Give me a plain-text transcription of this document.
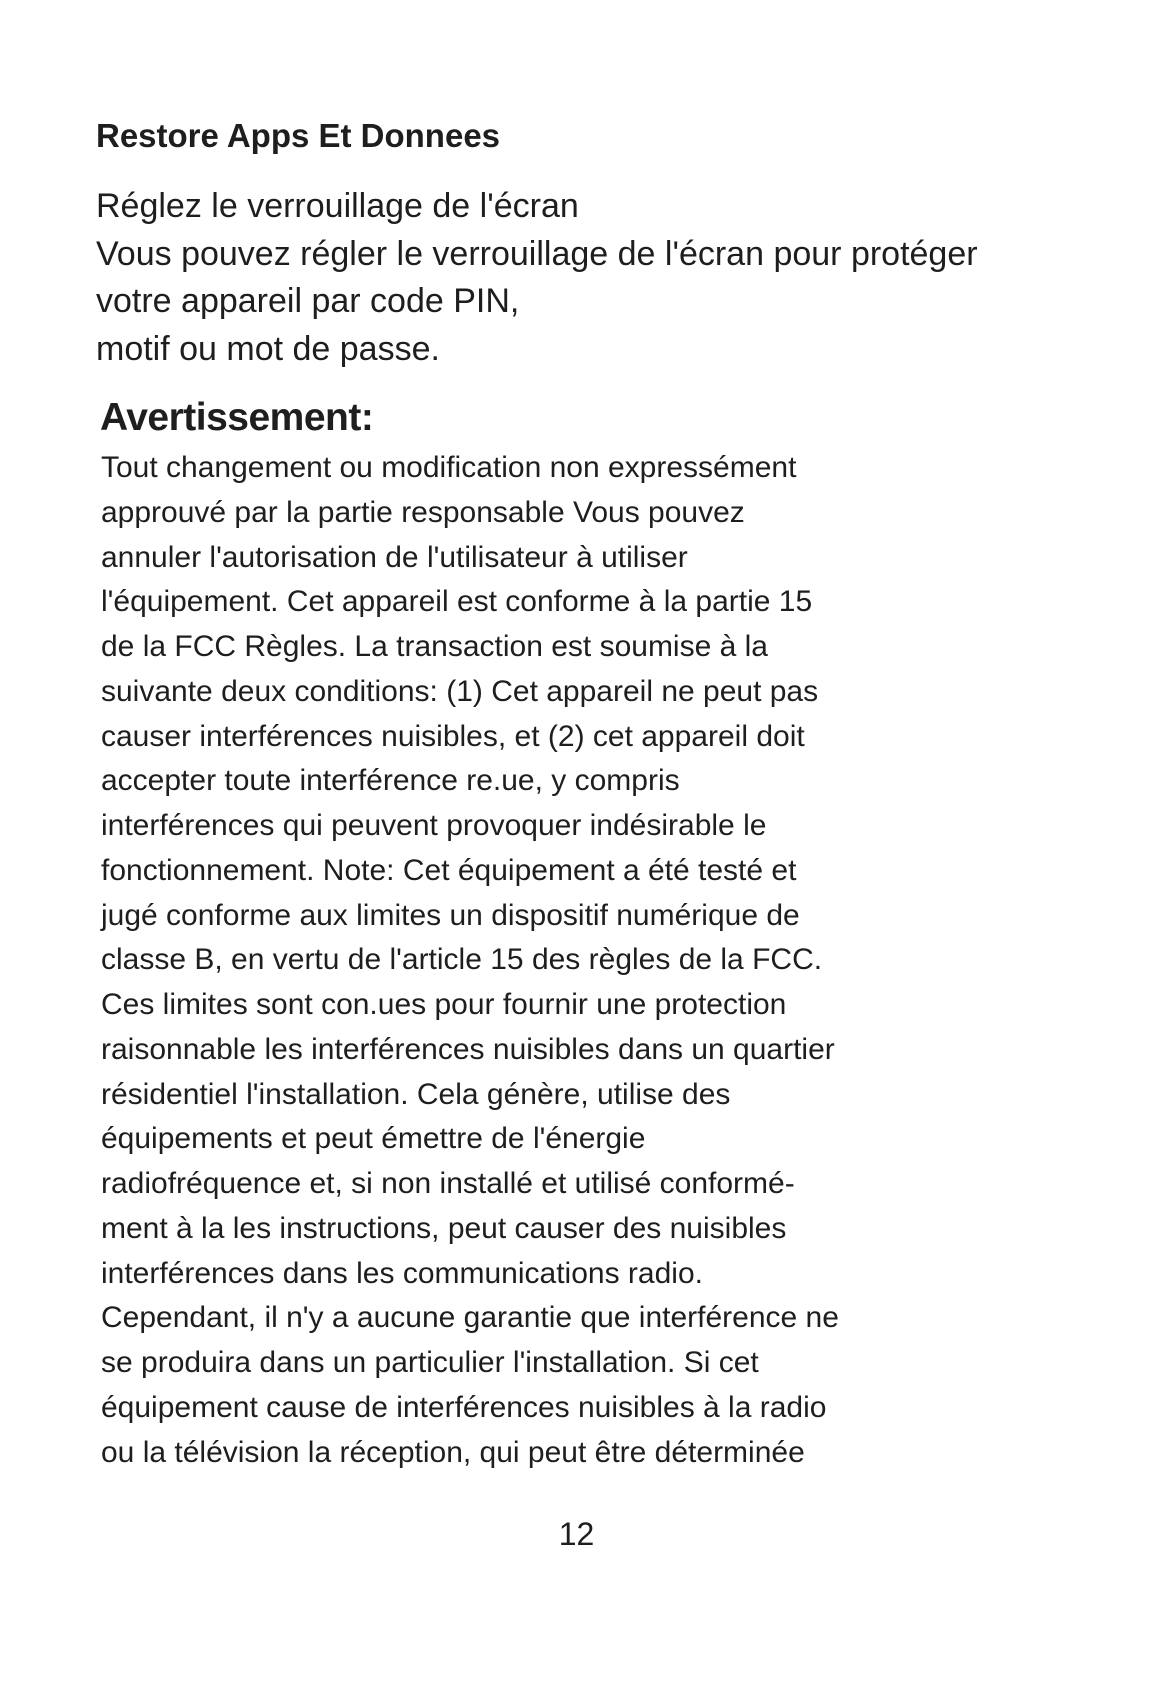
Restore Apps Et Donnees
Réglez le verrouillage de l'écran
Vous pouvez régler le verrouillage de l'écran pour protéger
votre appareil par code PIN,
motif ou mot de passe.
Avertissement:
Tout changement ou modification non expressément
approuvé par la partie responsable Vous pouvez
annuler l'autorisation de l'utilisateur à utiliser
l'équipement. Cet appareil est conforme à la partie 15
de la FCC Règles. La transaction est soumise à la
suivante deux conditions: (1) Cet appareil ne peut pas
causer interférences nuisibles, et (2) cet appareil doit
accepter toute interférence re.ue, y compris
interférences qui peuvent provoquer indésirable le
fonctionnement. Note: Cet équipement a été testé et
jugé conforme aux limites un dispositif numérique de
classe B, en vertu de l'article 15 des règles de la FCC.
Ces limites sont con.ues pour fournir une protection
raisonnable les interférences nuisibles dans un quartier
résidentiel l'installation. Cela génère, utilise des
équipements et peut émettre de l'énergie
radiofréquence et, si non installé et utilisé conformé-
ment à la les instructions, peut causer des nuisibles
interférences dans les communications radio.
Cependant, il n'y a aucune garantie que interférence ne
se produira dans un particulier l'installation. Si cet
équipement cause de interférences nuisibles à la radio
ou la télévision la réception, qui peut être déterminée
12
